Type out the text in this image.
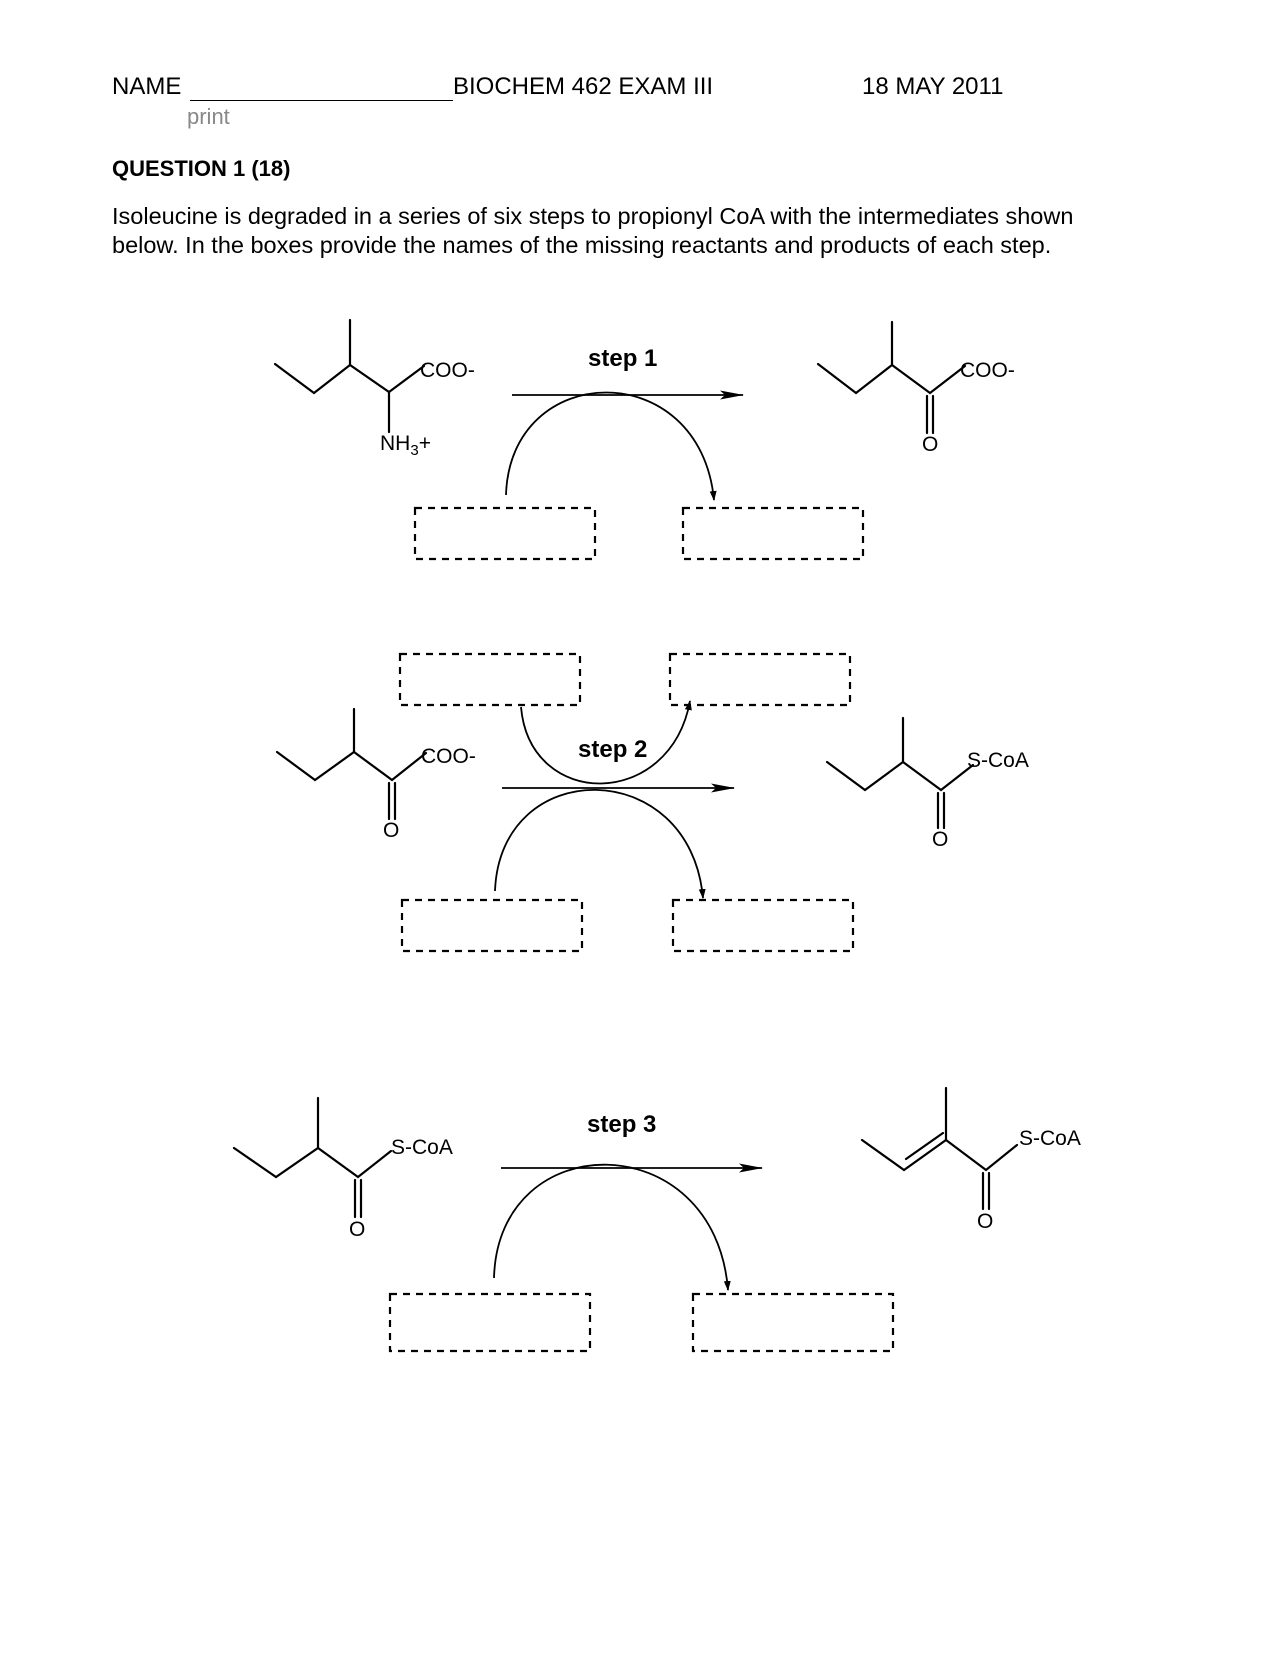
NAME
print
BIOCHEM 462 EXAM III	18 MAY 2011
QUESTION 1 (18)
Isoleucine is degraded in a series of six steps to propionyl CoA with the intermediates shown below. In the boxes provide the names of the missing reactants and products of each step.
COO-
$NH_3+$
step 1	COO-
O
COO-
O
step 2	S-CoA
O
S-CoA
O
step 3
S-CoA
O
